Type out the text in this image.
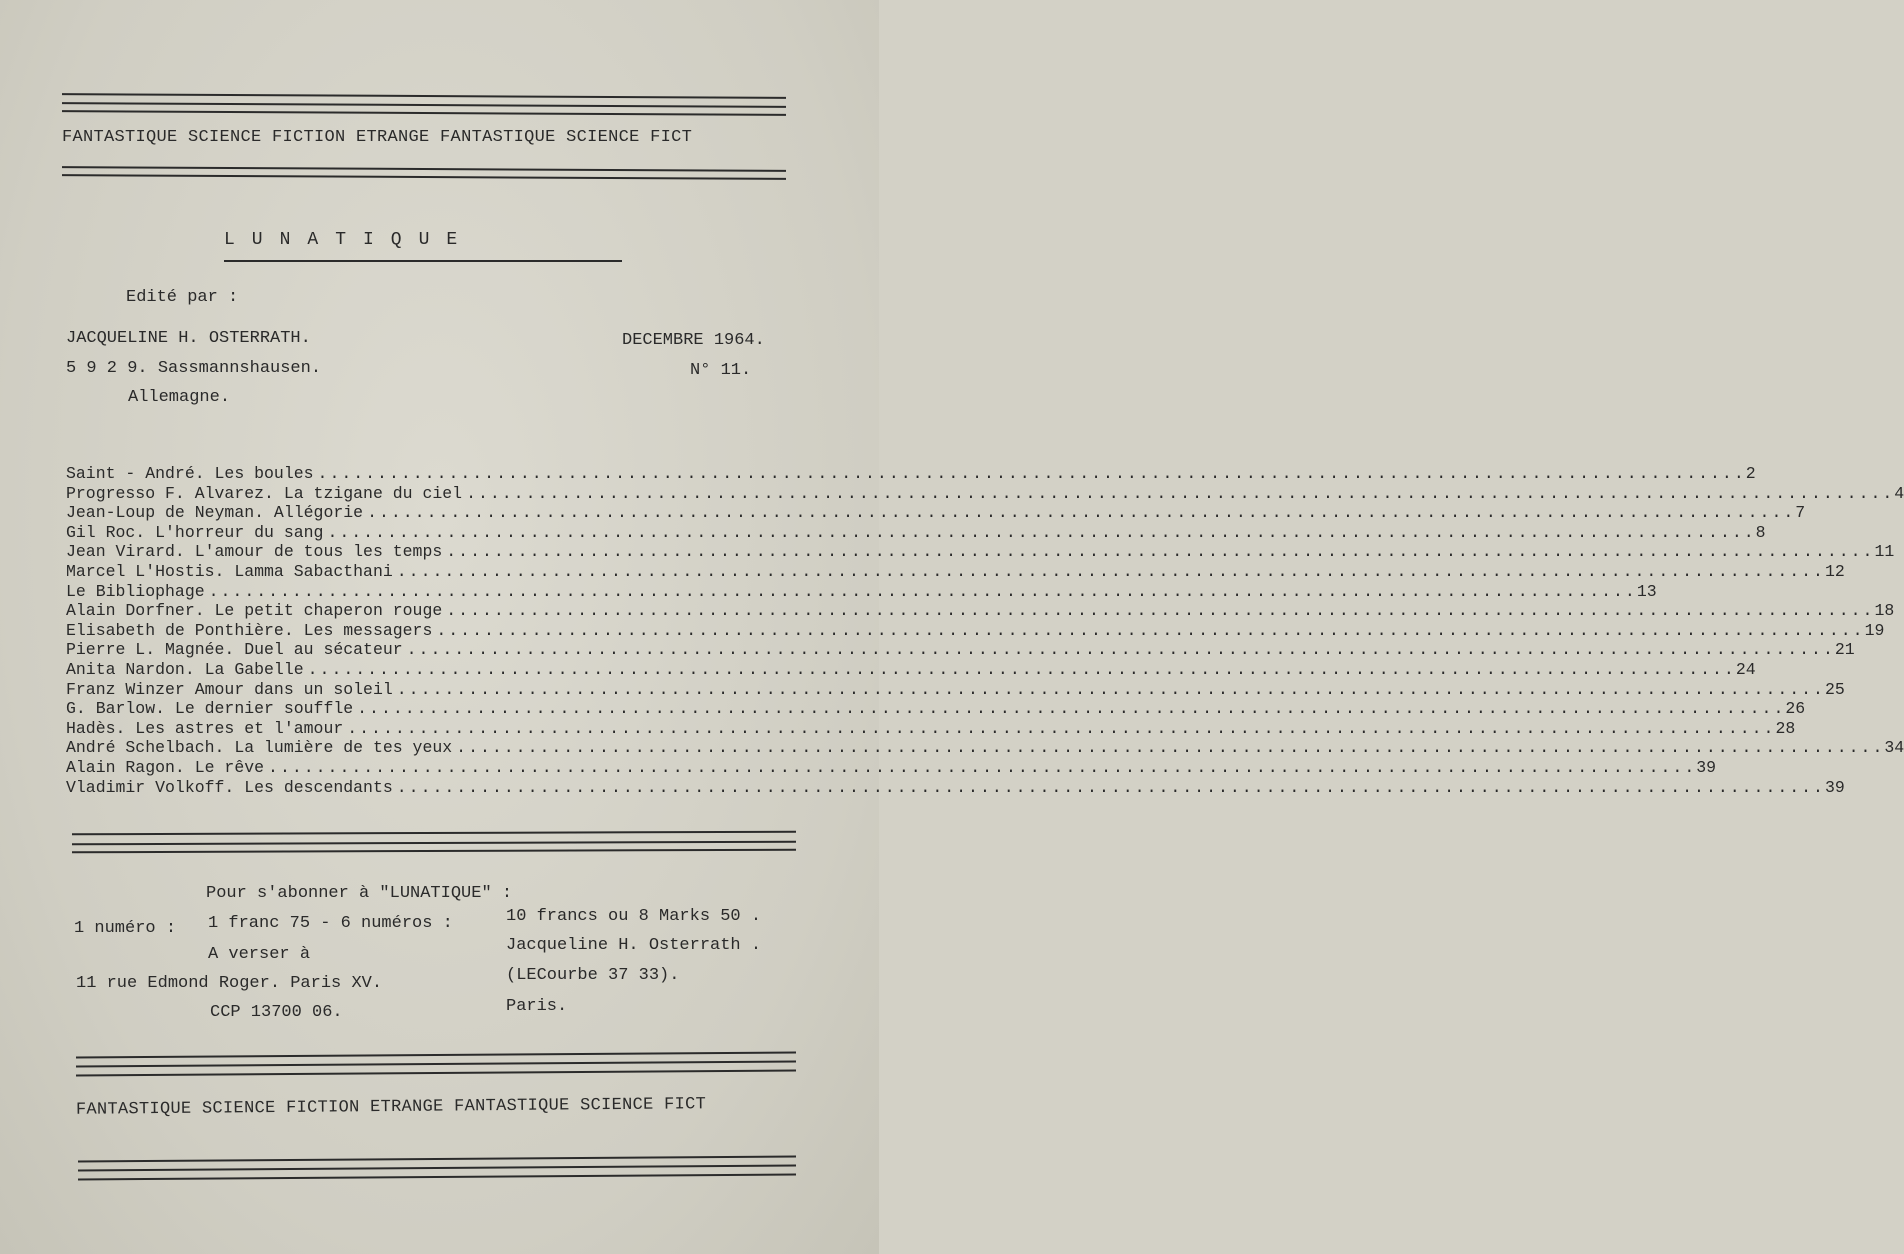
FANTASTIQUE SCIENCE FICTION ETRANGE FANTASTIQUE SCIENCE FICT
LUNATIQUE
Edité par :
JACQUELINE H. OSTERRATH.
5 9 2 9. Sassmannshausen.
Allemagne.
DECEMBRE 1964.
N° 11.
Saint - André. Les boules ........................................................................................................................ 2
Progresso F. Alvarez. La tzigane du ciel ........................................................................................................................ 4
Jean-Loup de Neyman. Allégorie ........................................................................................................................ 7
Gil Roc. L'horreur du sang ........................................................................................................................ 8
Jean Virard. L'amour de tous les temps ........................................................................................................................ 11
Marcel L'Hostis. Lamma Sabacthani ........................................................................................................................ 12
Le Bibliophage ........................................................................................................................ 13
Alain Dorfner. Le petit chaperon rouge ........................................................................................................................ 18
Elisabeth de Ponthière. Les messagers ........................................................................................................................ 19
Pierre L. Magnée. Duel au sécateur ........................................................................................................................ 21
Anita Nardon. La Gabelle ........................................................................................................................ 24
Franz Winzer Amour dans un soleil ........................................................................................................................ 25
G. Barlow. Le dernier souffle ........................................................................................................................ 26
Hadès. Les astres et l'amour ........................................................................................................................ 28
André Schelbach. La lumière de tes yeux ........................................................................................................................ 34
Alain Ragon. Le rêve ........................................................................................................................ 39
Vladimir Volkoff. Les descendants ........................................................................................................................ 39
Pour s'abonner à "LUNATIQUE" :
1 numéro : 1 franc 75 - 6 numéros :	10 francs ou 8 Marks 50 .
A verser à	Jacqueline H. Osterrath .
11 rue Edmond Roger. Paris XV.	(LECourbe 37 33).
CCP 13700 06.	Paris.
FANTASTIQUE SCIENCE FICTION ETRANGE FANTASTIQUE SCIENCE FICT
